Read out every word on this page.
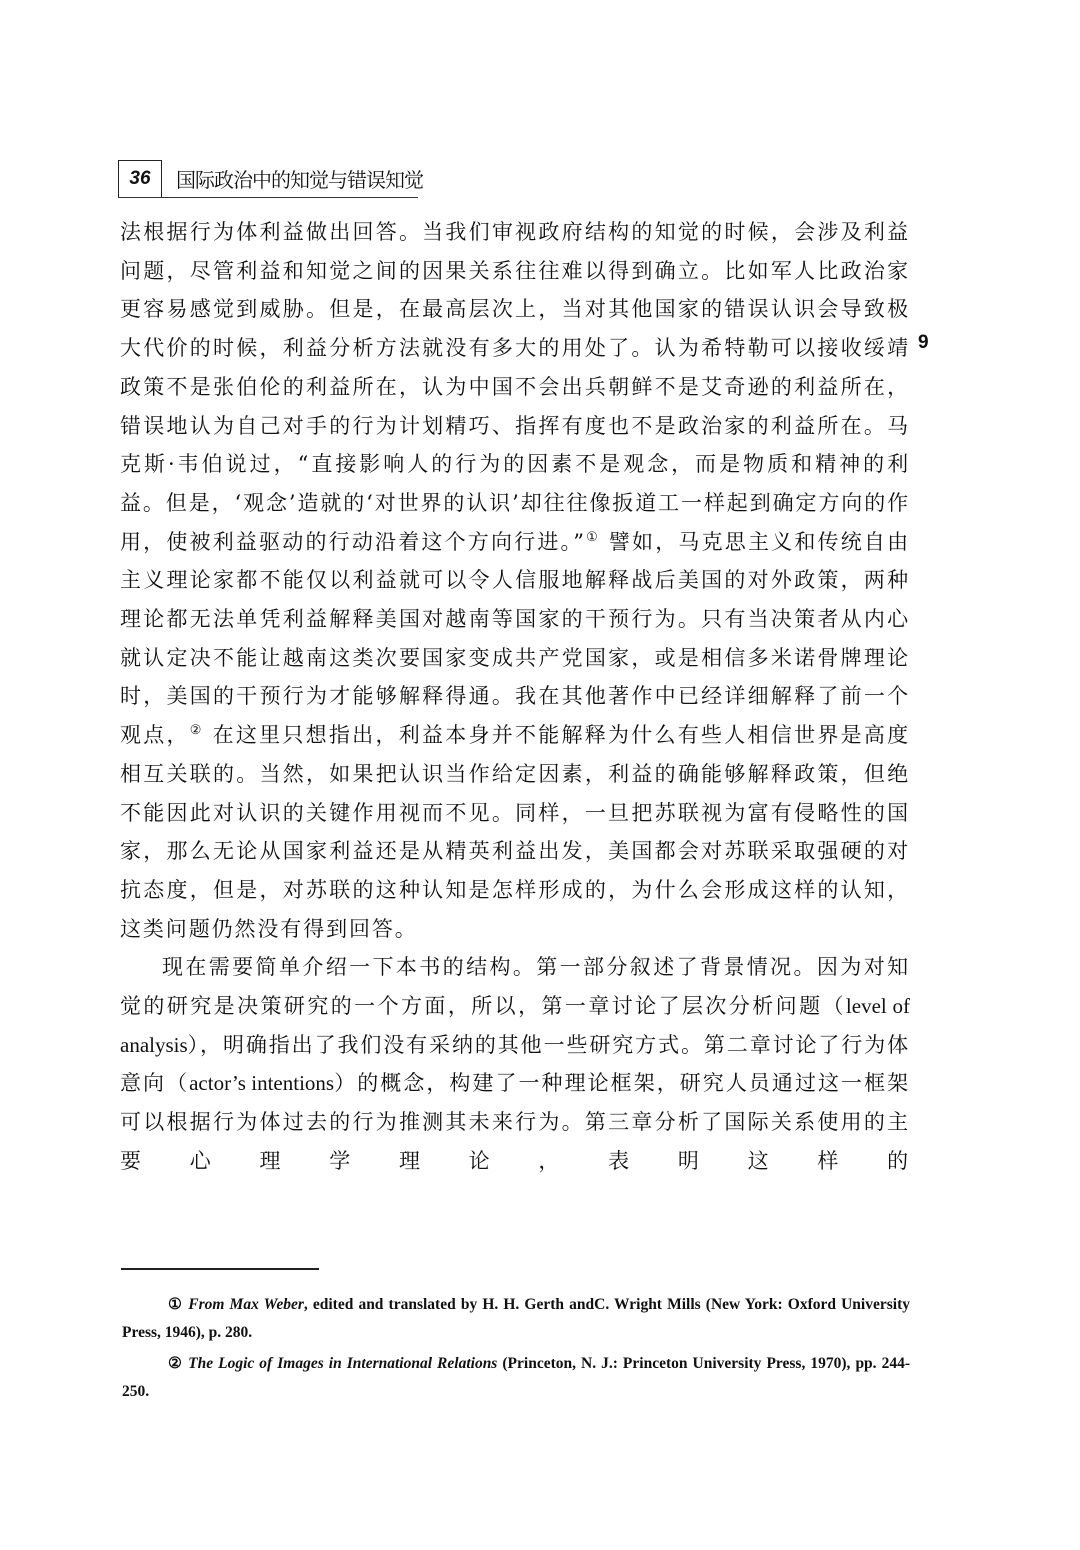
36	国际政治中的知觉与错误知觉
9

法根据行为体利益做出回答。当我们审视政府结构的知觉的时候，会涉及利益问题，尽管利益和知觉之间的因果关系往往难以得到确立。比如军人比政治家更容易感觉到威胁。但是，在最高层次上，当对其他国家的错误认识会导致极大代价的时候，利益分析方法就没有多大的用处了。认为希特勒可以接收绥靖政策不是张伯伦的利益所在，认为中国不会出兵朝鲜不是艾奇逊的利益所在，错误地认为自己对手的行为计划精巧、指挥有度也不是政治家的利益所在。马克斯·韦伯说过，“直接影响人的行为的因素不是观念，而是物质和精神的利益。但是，‘观念’造就的‘对世界的认识’却往往像扳道工一样起到确定方向的作用，使被利益驱动的行动沿着这个方向行进。”① 譬如，马克思主义和传统自由主义理论家都不能仅以利益就可以令人信服地解释战后美国的对外政策，两种理论都无法单凭利益解释美国对越南等国家的干预行为。只有当决策者从内心就认定决不能让越南这类次要国家变成共产党国家，或是相信多米诺骨牌理论时，美国的干预行为才能够解释得通。我在其他著作中已经详细解释了前一个观点，② 在这里只想指出，利益本身并不能解释为什么有些人相信世界是高度相互关联的。当然，如果把认识当作给定因素，利益的确能够解释政策，但绝不能因此对认识的关键作用视而不见。同样，一旦把苏联视为富有侵略性的国家，那么无论从国家利益还是从精英利益出发，美国都会对苏联采取强硬的对抗态度，但是，对苏联的这种认知是怎样形成的，为什么会形成这样的认知，这类问题仍然没有得到回答。

现在需要简单介绍一下本书的结构。第一部分叙述了背景情况。因为对知觉的研究是决策研究的一个方面，所以，第一章讨论了层次分析问题（level of analysis），明确指出了我们没有采纳的其他一些研究方式。第二章讨论了行为体意向（actor’s intentions）的概念，构建了一种理论框架，研究人员通过这一框架可以根据行为体过去的行为推测其未来行为。第三章分析了国际关系使用的主要心理学理论，表明这样的

① From Max Weber, edited and translated by H. H. Gerth andC. Wright Mills (New York: Oxford University Press, 1946), p. 280.

② The Logic of Images in International Relations (Princeton, N. J.: Princeton University Press, 1970), pp. 244-250.
